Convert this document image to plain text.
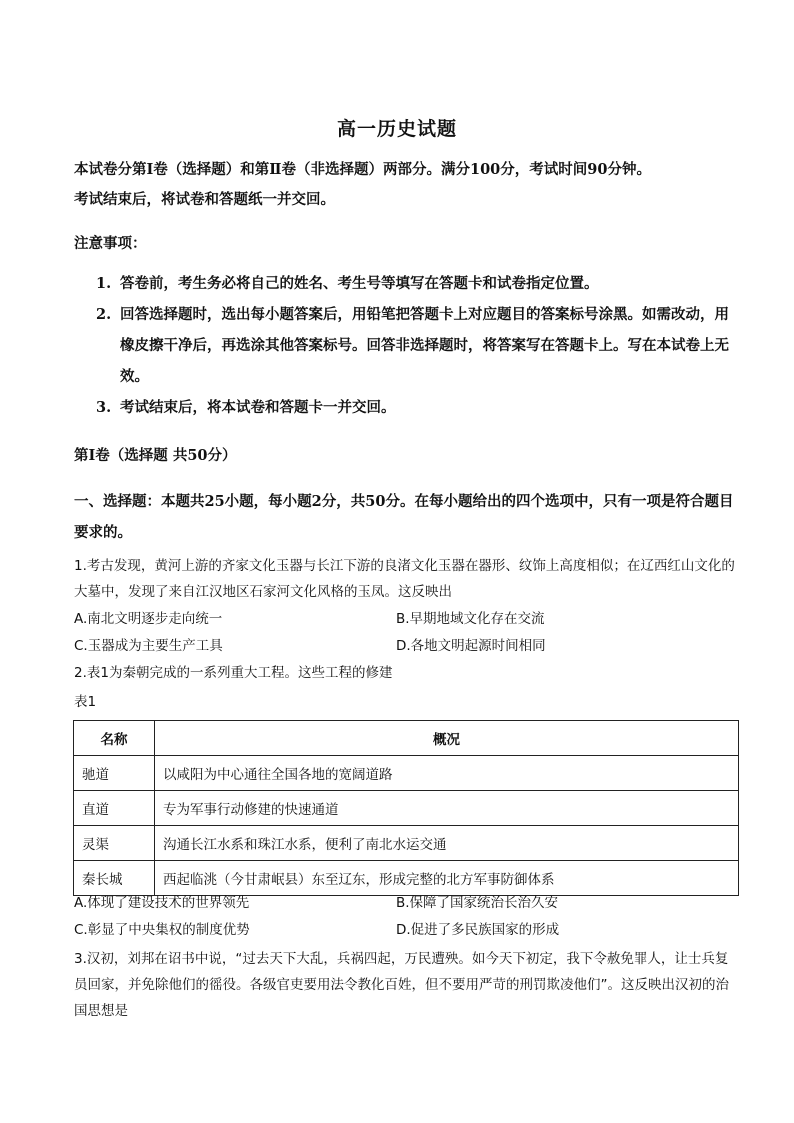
高一历史试题
本试卷分第Ⅰ卷（选择题）和第Ⅱ卷（非选择题）两部分。满分100分，考试时间90分钟。
考试结束后，将试卷和答题纸一并交回。
注意事项：
1. 答卷前，考生务必将自己的姓名、考生号等填写在答题卡和试卷指定位置。
2. 回答选择题时，选出每小题答案后，用铅笔把答题卡上对应题目的答案标号涂黑。如需改动，用橡皮擦干净后，再选涂其他答案标号。回答非选择题时，将答案写在答题卡上。写在本试卷上无效。
3. 考试结束后，将本试卷和答题卡一并交回。
第Ⅰ卷（选择题 共50分）
一、选择题：本题共25小题，每小题2分，共50分。在每小题给出的四个选项中，只有一项是符合题目要求的。
1.考古发现，黄河上游的齐家文化玉器与长江下游的良渚文化玉器在器形、纹饰上高度相似；在辽西红山文化的大墓中，发现了来自江汉地区石家河文化风格的玉凤。这反映出
A.南北文明逐步走向统一	B.早期地域文化存在交流
C.玉器成为主要生产工具	D.各地文明起源时间相同
2.表1为秦朝完成的一系列重大工程。这些工程的修建
表1
名称	概况
驰道	以咸阳为中心通往全国各地的宽阔道路
直道	专为军事行动修建的快速通道
灵渠	沟通长江水系和珠江水系，便利了南北水运交通
秦长城	西起临洮（今甘肃岷县）东至辽东，形成完整的北方军事防御体系
A.体现了建设技术的世界领先	B.保障了国家统治长治久安
C.彰显了中央集权的制度优势	D.促进了多民族国家的形成
3.汉初，刘邦在诏书中说，“过去天下大乱，兵祸四起，万民遭殃。如今天下初定，我下令赦免罪人，让士兵复员回家，并免除他们的徭役。各级官吏要用法令教化百姓，但不要用严苛的刑罚欺凌他们”。这反映出汉初的治国思想是
